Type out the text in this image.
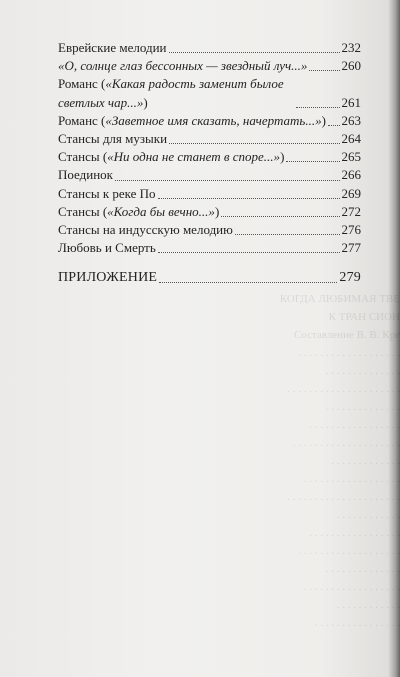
КОГДА ЛЮБИМАЯ ТВЕ
К ТРАН СИОН
Составление В. В. Кре
. . . . . . . . . . . . . . . . . . .
. . . . . . . . . . . . . .
. . . . . . . . . . . . . . . . . . . . .
. . . . . . . . . . . . . .
. . . . . . . . . . . . . . . . .
. . . . . . . . . . . . . . . . . . . .
. . . . . . . . . . . . .
. . . . . . . . . . . . . . . . . .
. . . . . . . . . . . . . . . . . . . . .
. . . . . . . . . . . .
. . . . . . . . . . . . . . . . .
. . . . . . . . . . . . . . . . . . .
. . . . . . . . . . . . . .
. . . . . . . . . . . . . . . . . .
. . . . . . . . . . . .
. . . . . . . . . . . . . . . .
Еврейские мелодии	232
«О, солнце глаз бессонных — звездный луч...»	260
Романс («Какая радость заменит былое светлых чар...»)	261
Романс («Заветное имя сказать, начертать...») 263
Стансы для музыки	264
Стансы («Ни одна не станет в споре...»)	265
Поединок	266
Стансы к реке По	269
Стансы («Когда бы вечно...»)	272
Стансы на индусскую мелодию	276
Любовь и Смерть	277
ПРИЛОЖЕНИЕ	279
